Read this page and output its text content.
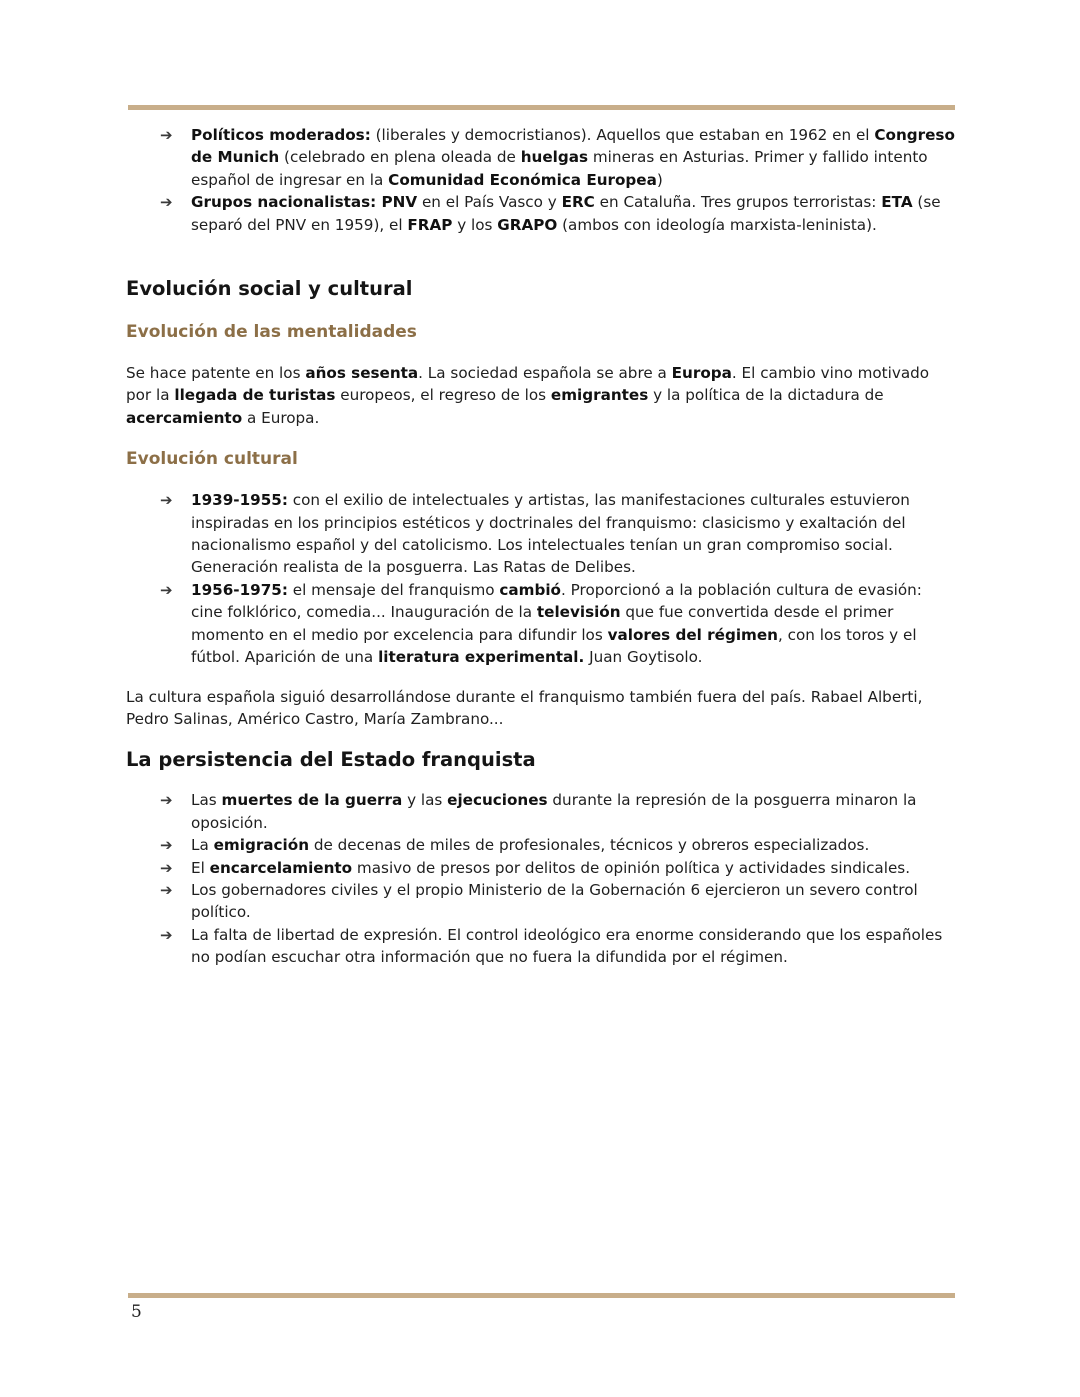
➔ Políticos moderados: (liberales y democristianos). Aquellos que estaban en 1962 en el Congreso de Munich (celebrado en plena oleada de huelgas mineras en Asturias. Primer y fallido intento español de ingresar en la Comunidad Económica Europea)
➔ Grupos nacionalistas: PNV en el País Vasco y ERC en Cataluña. Tres grupos terroristas: ETA (se separó del PNV en 1959), el FRAP y los GRAPO (ambos con ideología marxista-leninista).
Evolución social y cultural
Evolución de las mentalidades

Se hace patente en los años sesenta. La sociedad española se abre a Europa. El cambio vino motivado por la llegada de turistas europeos, el regreso de los emigrantes y la política de la dictadura de acercamiento a Europa.

Evolución cultural
➔ 1939-1955: con el exilio de intelectuales y artistas, las manifestaciones culturales estuvieron inspiradas en los principios estéticos y doctrinales del franquismo: clasicismo y exaltación del nacionalismo español y del catolicismo. Los intelectuales tenían un gran compromiso social. Generación realista de la posguerra. Las Ratas de Delibes.
➔ 1956-1975: el mensaje del franquismo cambió. Proporcionó a la población cultura de evasión: cine folklórico, comedia... Inauguración de la televisión que fue convertida desde el primer momento en el medio por excelencia para difundir los valores del régimen, con los toros y el fútbol. Aparición de una literatura experimental. Juan Goytisolo.

La cultura española siguió desarrollándose durante el franquismo también fuera del país. Rabael Alberti, Pedro Salinas, Américo Castro, María Zambrano...

La persistencia del Estado franquista
➔ Las muertes de la guerra y las ejecuciones durante la represión de la posguerra minaron la oposición.
➔ La emigración de decenas de miles de profesionales, técnicos y obreros especializados.
➔ El encarcelamiento masivo de presos por delitos de opinión política y actividades sindicales.
➔ Los gobernadores civiles y el propio Ministerio de la Gobernación 6 ejercieron un severo control político.
➔ La falta de libertad de expresión. El control ideológico era enorme considerando que los españoles no podían escuchar otra información que no fuera la difundida por el régimen.
5
